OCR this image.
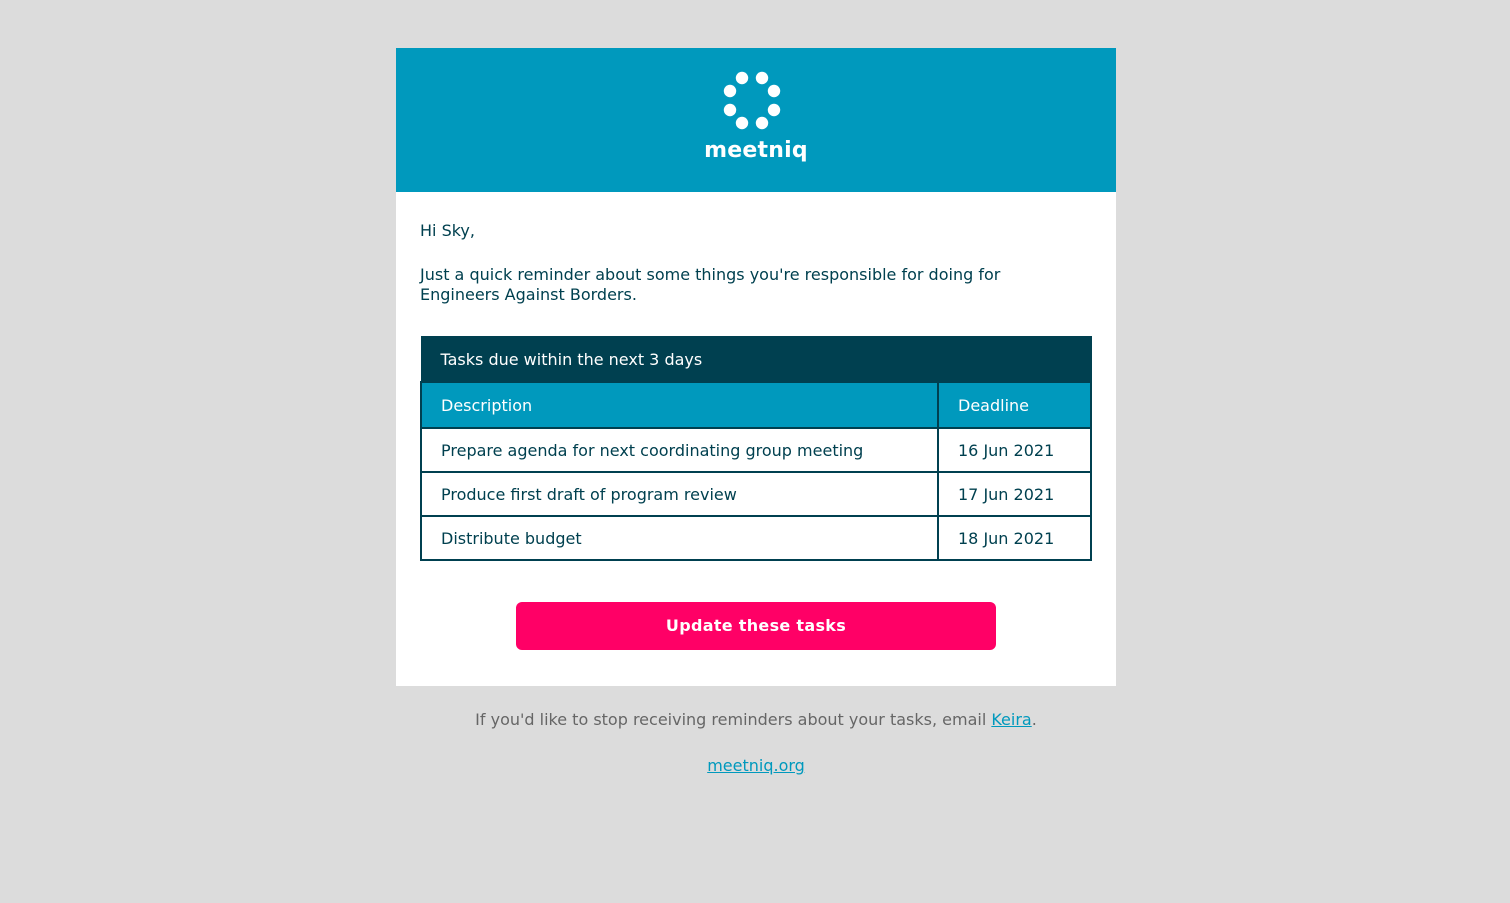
meetniq

Hi Sky,

Just a quick reminder about some things you're responsible for doing for Engineers Against Borders.

Tasks due within the next 3 days	
Description	Deadline
Prepare agenda for next coordinating group meeting	16 Jun 2021
Produce first draft of program review	17 Jun 2021
Distribute budget	18 Jun 2021
Update these tasks

If you'd like to stop receiving reminders about your tasks, email Keira.

meetniq.org
